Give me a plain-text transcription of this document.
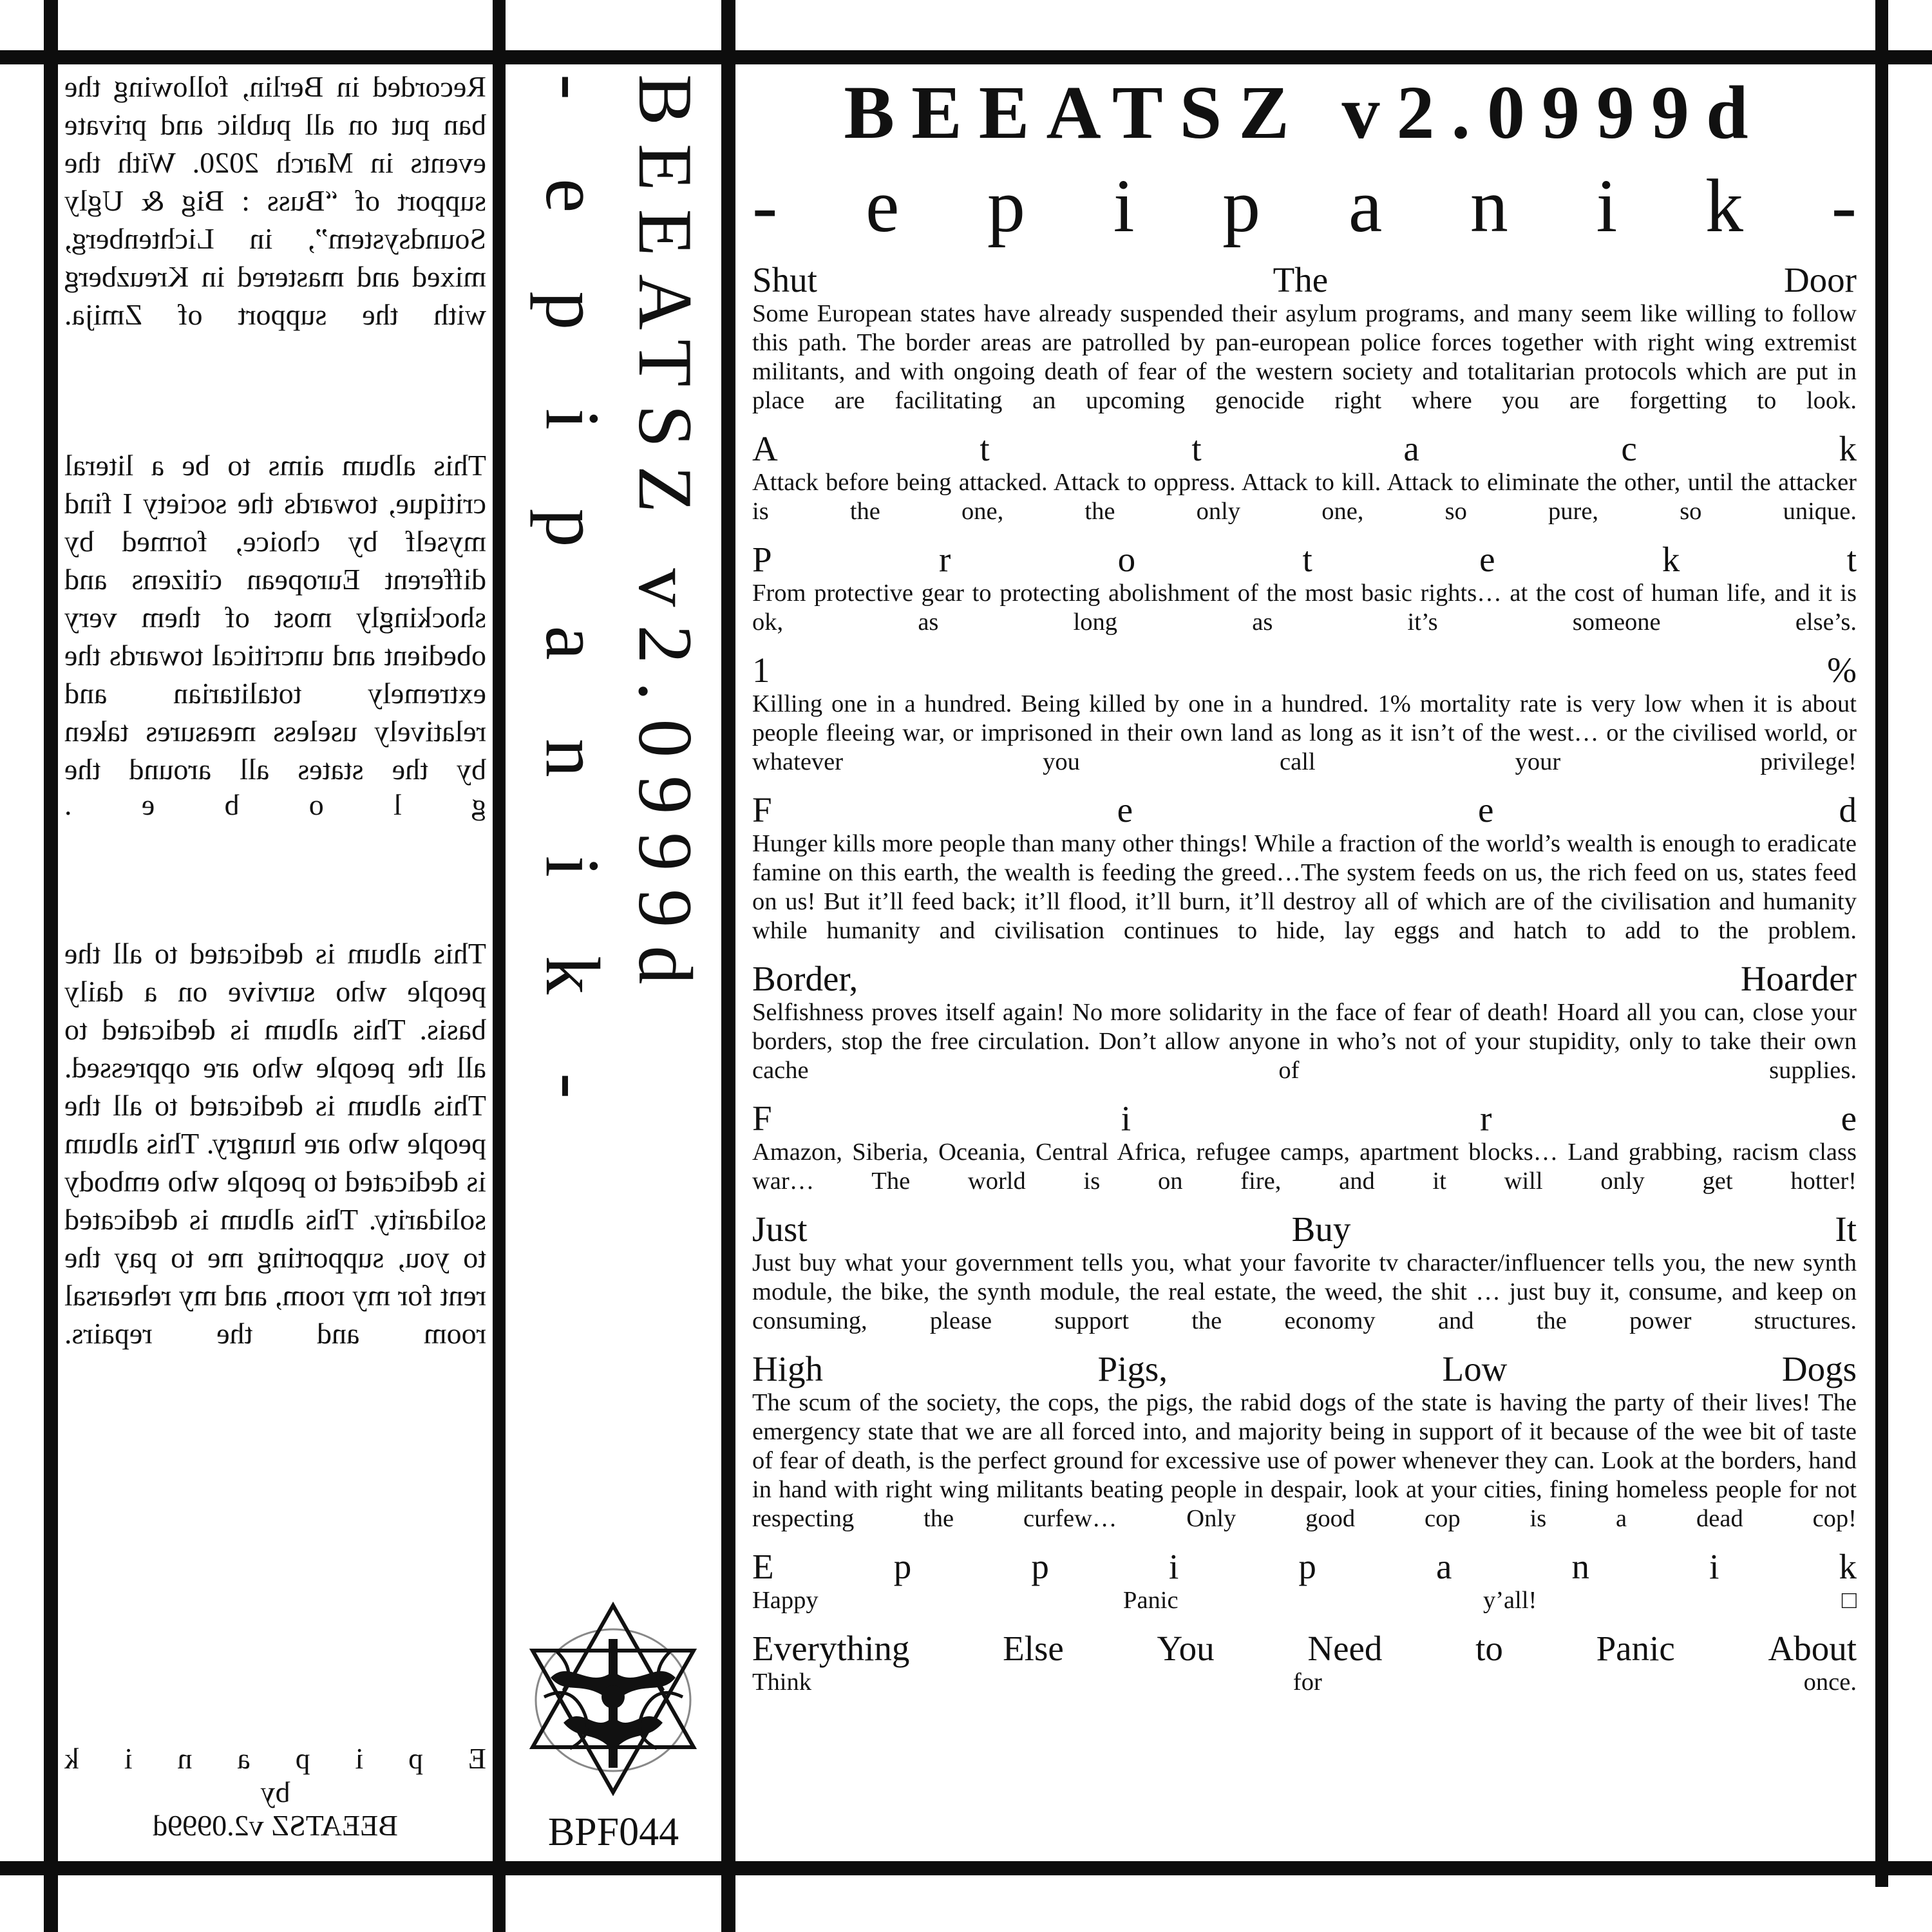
Recorded in Berlin, following the ban put on all public and private events in March 2020. With the support of “Buss : Big & Ugly Soundsystem”, in Lichtenberg, mixed and mastered in Kreuzberg with the support of Zmija.

This album aims to be a literal critique, towards the society I find myself by choice, formed by different European citizens and shockingly most of them very obedient and uncritical towards the extremely totalitarian and relatively useless measures taken by the states all around the

g
l
o
b
e
.

This album is dedicated to all the people who survive on a daily basis. This album is dedicated to all the people who are oppressed. This album is dedicated to all the people who are hungry. This album is dedicated to people who embody solidarity. This album is dedicated to you, supporting me to pay the rent for my room, and my rehearsal room and the repairs.

E
p
i
p
a
n
i
k
by
BEEATSZ v2.0999d
BEEATSZ v2.0999d
- e p i p a n i k -
BPF044
BEEATSZ v2.0999d
- e p i p a n i k -
Shut	The	Door

Some European states have already suspended their asylum programs, and many seem like willing to follow this path. The border areas are patrolled by pan-european police forces together with right wing extremist militants, and with ongoing death of fear of the western society and totalitarian protocols which are put in place are facilitating an upcoming genocide right where you are forgetting to look.

A	t	t	a	c	k

Attack before being attacked. Attack to oppress. Attack to kill. Attack to eliminate the other, until the attacker is the one, the only one, so pure, so unique.

P	r	o	t	e	k	t

From protective gear to protecting abolishment of the most basic rights… at the cost of human life, and it is ok, as long as it’s someone else’s.

1	%

Killing one in a hundred. Being killed by one in a hundred. 1% mortality rate is very low when it is about people fleeing war, or imprisoned in their own land as long as it isn’t of the west… or the civilised world, or whatever you call your privilege!

F	e	e	d

Hunger kills more people than many other things! While a fraction of the world’s wealth is enough to eradicate famine on this earth, the wealth is feeding the greed…The system feeds on us, the rich feed on us, states feed on us! But it’ll feed back; it’ll flood, it’ll burn, it’ll destroy all of which are of the civilisation and humanity while humanity and civilisation continues to hide, lay eggs and hatch to add to the problem.

Border,	Hoarder

Selfishness proves itself again! No more solidarity in the face of fear of death! Hoard all you can, close your borders, stop the free circulation. Don’t allow anyone in who’s not of your stupidity, only to take their own cache of supplies.

F	i	r	e

Amazon, Siberia, Oceania, Central Africa, refugee camps, apartment blocks… Land grabbing, racism class war… The world is on fire, and it will only get hotter!

Just	Buy	It

Just buy what your government tells you, what your favorite tv character/influencer tells you, the new synth module, the bike, the synth module, the real estate, the weed, the shit … just buy it, consume, and keep on consuming, please support the economy and the power structures.

High	Pigs,	Low	Dogs

The scum of the society, the cops, the pigs, the rabid dogs of the state is having the party of their lives! The emergency state that we are all forced into, and majority being in support of it because of the wee bit of taste of fear of death, is the perfect ground for excessive use of power whenever they can. Look at the borders, hand in hand with right wing militants beating people in despair, look at your cities, fining homeless people for not respecting the curfew… Only good cop is a dead cop!

E	p	p	i	p	a	n	i	k

Happy Panic y’all! □

Everything	Else	You	Need	to	Panic	About

Think for once.
